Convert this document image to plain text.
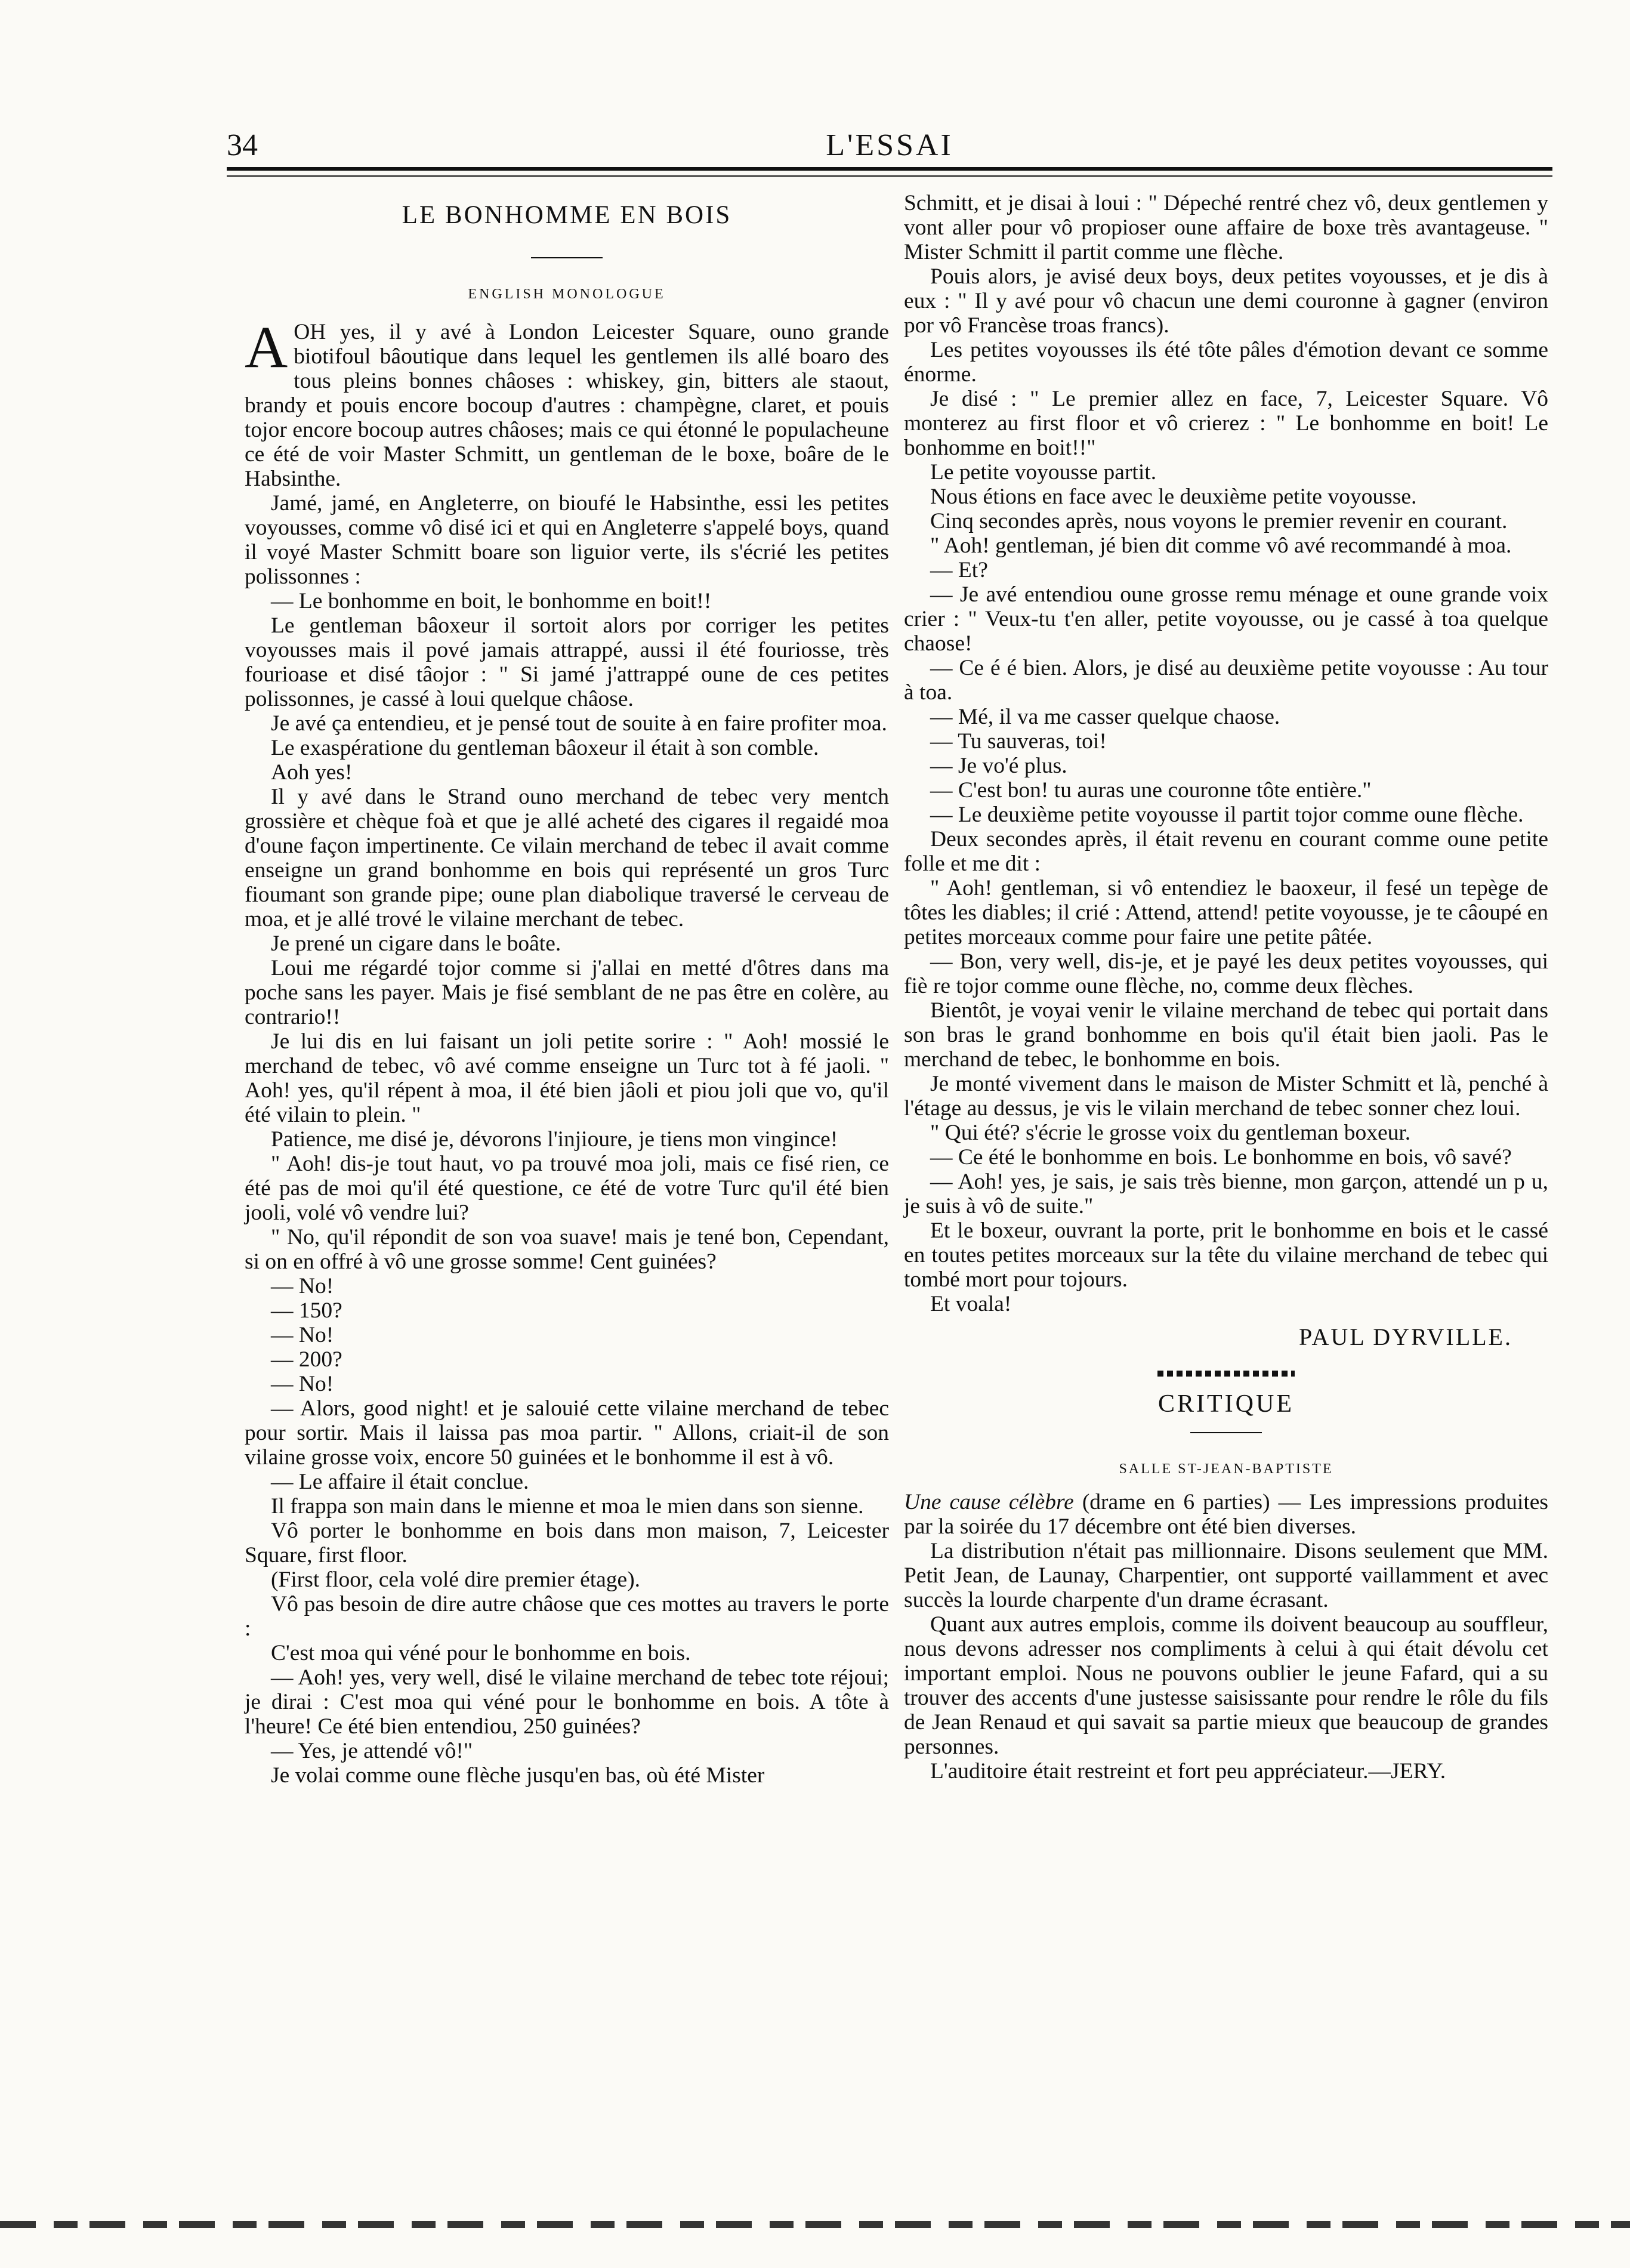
34	L'ESSAI
LE BONHOMME EN BOIS
ENGLISH MONOLOGUE
A OH yes, il y avé à London Leicester Square, ouno grande biotifoul bâoutique dans lequel les gentlemen ils allé boaro des tous pleins bonnes châoses : whiskey, gin, bitters ale staout, brandy et pouis encore bocoup d'autres : champègne, claret, et pouis tojor encore bocoup autres châoses; mais ce qui étonné le populacheune ce été de voir Master Schmitt, un gentleman de le boxe, boâre de le Habsinthe.

Jamé, jamé, en Angleterre, on bioufé le Habsinthe, essi les petites voyousses, comme vô disé ici et qui en Angleterre s'appelé boys, quand il voyé Master Schmitt boare son liguior verte, ils s'écrié les petites polissonnes :

— Le bonhomme en boit, le bonhomme en boit!!

Le gentleman bâoxeur il sortoit alors por corriger les petites voyousses mais il pové jamais attrappé, aussi il été fouriosse, très fourioase et disé tâojor : " Si jamé j'attrappé oune de ces petites polissonnes, je cassé à loui quelque châose.

Je avé ça entendieu, et je pensé tout de souite à en faire profiter moa.

Le exaspératione du gentleman bâoxeur il était à son comble.

Aoh yes!

Il y avé dans le Strand ouno merchand de tebec very mentch grossière et chèque foà et que je allé acheté des cigares il regaidé moa d'oune façon impertinente. Ce vilain merchand de tebec il avait comme enseigne un grand bonhomme en bois qui représenté un gros Turc fioumant son grande pipe; oune plan diabolique traversé le cerveau de moa, et je allé trové le vilaine merchant de tebec.

Je prené un cigare dans le boâte.

Loui me régardé tojor comme si j'allai en metté d'ôtres dans ma poche sans les payer. Mais je fisé semblant de ne pas être en colère, au contrario!!

Je lui dis en lui faisant un joli petite sorire : " Aoh! mossié le merchand de tebec, vô avé comme enseigne un Turc tot à fé jaoli. " Aoh! yes, qu'il répent à moa, il été bien jâoli et piou joli que vo, qu'il été vilain to plein. "

Patience, me disé je, dévorons l'injioure, je tiens mon vingince!

" Aoh! dis-je tout haut, vo pa trouvé moa joli, mais ce fisé rien, ce été pas de moi qu'il été questione, ce été de votre Turc qu'il été bien jooli, volé vô vendre lui?

" No, qu'il répondit de son voa suave! mais je tené bon, Cependant, si on en offré à vô une grosse somme! Cent guinées?

— No!

— 150?

— No!

— 200?

— No!

— Alors, good night! et je salouié cette vilaine merchand de tebec pour sortir. Mais il laissa pas moa partir. " Allons, criait-il de son vilaine grosse voix, encore 50 guinées et le bonhomme il est à vô.

— Le affaire il était conclue.

Il frappa son main dans le mienne et moa le mien dans son sienne.

Vô porter le bonhomme en bois dans mon maison, 7, Leicester Square, first floor.

(First floor, cela volé dire premier étage).

Vô pas besoin de dire autre châose que ces mottes au travers le porte :

C'est moa qui véné pour le bonhomme en bois.

— Aoh! yes, very well, disé le vilaine merchand de tebec tote réjoui; je dirai : C'est moa qui véné pour le bonhomme en bois. A tôte à l'heure! Ce été bien entendiou, 250 guinées?

— Yes, je attendé vô!"

Je volai comme oune flèche jusqu'en bas, où été Mister

Schmitt, et je disai à loui : " Dépeché rentré chez vô, deux gentlemen y vont aller pour vô propioser oune affaire de boxe très avantageuse. " Mister Schmitt il partit comme une flèche.

Pouis alors, je avisé deux boys, deux petites voyousses, et je dis à eux : " Il y avé pour vô chacun une demi couronne à gagner (environ por vô Francèse troas francs).

Les petites voyousses ils été tôte pâles d'émotion devant ce somme énorme.

Je disé : " Le premier allez en face, 7, Leicester Square. Vô monterez au first floor et vô crierez : " Le bonhomme en boit! Le bonhomme en boit!!"

Le petite voyousse partit.

Nous étions en face avec le deuxième petite voyousse.

Cinq secondes après, nous voyons le premier revenir en courant.

" Aoh! gentleman, jé bien dit comme vô avé recommandé à moa.

— Et?

— Je avé entendiou oune grosse remu ménage et oune grande voix crier : " Veux-tu t'en aller, petite voyousse, ou je cassé à toa quelque chaose!

— Ce é é bien. Alors, je disé au deuxième petite voyousse : Au tour à toa.

— Mé, il va me casser quelque chaose.

— Tu sauveras, toi!

— Je vo'é plus.

— C'est bon! tu auras une couronne tôte entière."

— Le deuxième petite voyousse il partit tojor comme oune flèche.

Deux secondes après, il était revenu en courant comme oune petite folle et me dit :

" Aoh! gentleman, si vô entendiez le baoxeur, il fesé un tepège de tôtes les diables; il crié : Attend, attend! petite voyousse, je te câoupé en petites morceaux comme pour faire une petite pâtée.

— Bon, very well, dis-je, et je payé les deux petites voyousses, qui fiè re tojor comme oune flèche, no, comme deux flèches.

Bientôt, je voyai venir le vilaine merchand de tebec qui portait dans son bras le grand bonhomme en bois qu'il était bien jaoli. Pas le merchand de tebec, le bonhomme en bois.

Je monté vivement dans le maison de Mister Schmitt et là, penché à l'étage au dessus, je vis le vilain merchand de tebec sonner chez loui.

" Qui été? s'écrie le grosse voix du gentleman boxeur.

— Ce été le bonhomme en bois. Le bonhomme en bois, vô savé?

— Aoh! yes, je sais, je sais très bienne, mon garçon, attendé un p u, je suis à vô de suite."

Et le boxeur, ouvrant la porte, prit le bonhomme en bois et le cassé en toutes petites morceaux sur la tête du vilaine merchand de tebec qui tombé mort pour tojours.

Et voala!

PAUL DYRVILLE.
CRITIQUE
SALLE ST-JEAN-BAPTISTE

Une cause célèbre (drame en 6 parties) — Les impressions produites par la soirée du 17 décembre ont été bien diverses.

La distribution n'était pas millionnaire. Disons seulement que MM. Petit Jean, de Launay, Charpentier, ont supporté vaillamment et avec succès la lourde charpente d'un drame écrasant.

Quant aux autres emplois, comme ils doivent beaucoup au souffleur, nous devons adresser nos compliments à celui à qui était dévolu cet important emploi. Nous ne pouvons oublier le jeune Fafard, qui a su trouver des accents d'une justesse saisissante pour rendre le rôle du fils de Jean Renaud et qui savait sa partie mieux que beaucoup de grandes personnes.

L'auditoire était restreint et fort peu appréciateur.—JERY.
